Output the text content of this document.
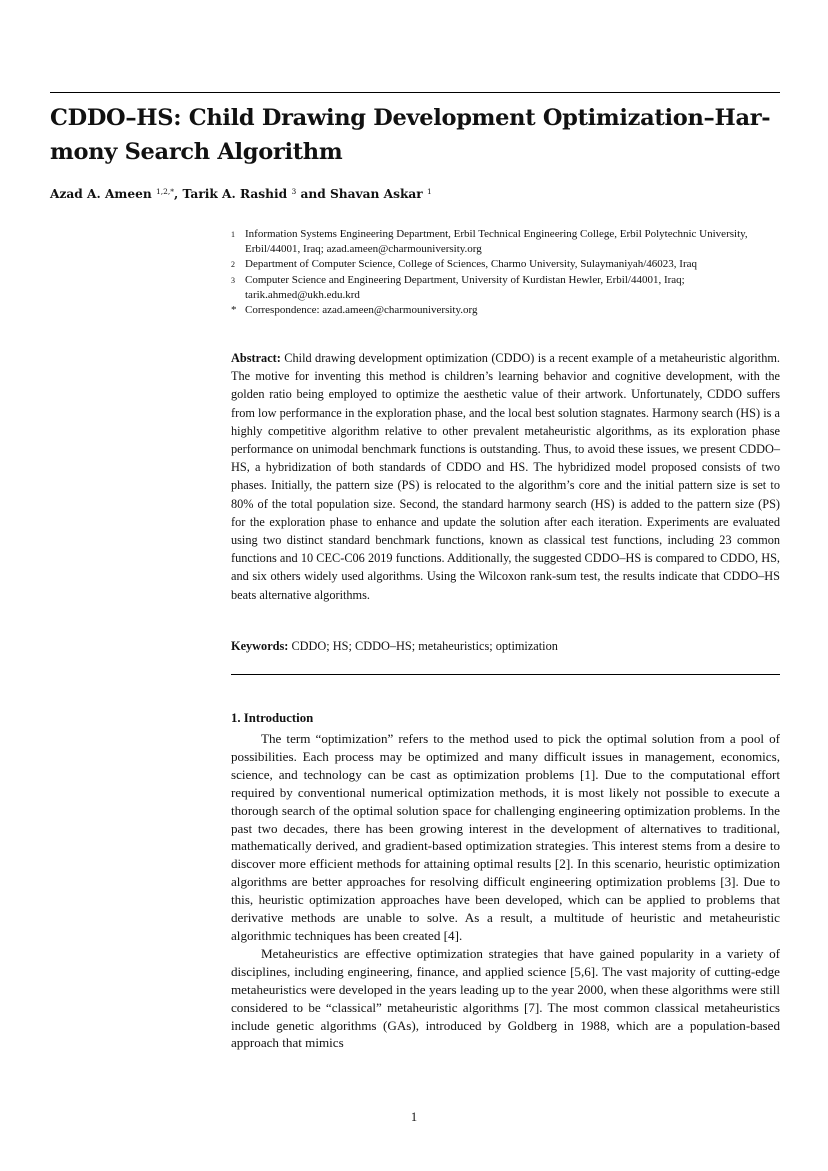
CDDO–HS: Child Drawing Development Optimization–Har- mony Search Algorithm

Azad A. Ameen $^{1,2,*}$, Tarik A. Rashid $^3$ and Shavan Askar $^1$

1 Information Systems Engineering Department, Erbil Technical Engineering College, Erbil Polytechnic University, Erbil/44001, Iraq; azad.ameen@charmouniversity.org
2 Department of Computer Science, College of Sciences, Charmo University, Sulaymaniyah/46023, Iraq
3 Computer Science and Engineering Department, University of Kurdistan Hewler, Erbil/44001, Iraq; tarik.ahmed@ukh.edu.krd
* Correspondence: azad.ameen@charmouniversity.org

Abstract: Child drawing development optimization (CDDO) is a recent example of a metaheuristic algorithm. The motive for inventing this method is children’s learning behavior and cognitive development, with the golden ratio being employed to optimize the aesthetic value of their artwork. Unfortunately, CDDO suffers from low performance in the exploration phase, and the local best solution stagnates. Harmony search (HS) is a highly competitive algorithm relative to other prevalent metaheuristic algorithms, as its exploration phase performance on unimodal benchmark functions is outstanding. Thus, to avoid these issues, we present CDDO–HS, a hybridization of both standards of CDDO and HS. The hybridized model proposed consists of two phases. Initially, the pattern size (PS) is relocated to the algorithm’s core and the initial pattern size is set to 80% of the total population size. Second, the standard harmony search (HS) is added to the pattern size (PS) for the exploration phase to enhance and update the solution after each iteration. Experiments are evaluated using two distinct standard benchmark functions, known as classical test functions, including 23 common functions and 10 CEC-C06 2019 functions. Additionally, the suggested CDDO–HS is compared to CDDO, HS, and six others widely used algorithms. Using the Wilcoxon rank-sum test, the results indicate that CDDO–HS beats alternative algorithms.

Keywords: CDDO; HS; CDDO–HS; metaheuristics; optimization

1. Introduction

The term “optimization” refers to the method used to pick the optimal solution from a pool of possibilities. Each process may be optimized and many difficult issues in management, economics, science, and technology can be cast as optimization problems [1]. Due to the computational effort required by conventional numerical optimization methods, it is most likely not possible to execute a thorough search of the optimal solution space for challenging engineering optimization problems. In the past two decades, there has been growing interest in the development of alternatives to traditional, mathematically derived, and gradient-based optimization strategies. This interest stems from a desire to discover more efficient methods for attaining optimal results [2]. In this scenario, heuristic optimization algorithms are better approaches for resolving difficult engineering optimization problems [3]. Due to this, heuristic optimization approaches have been developed, which can be applied to problems that derivative methods are unable to solve. As a result, a multitude of heuristic and metaheuristic algorithmic techniques has been created [4].

Metaheuristics are effective optimization strategies that have gained popularity in a variety of disciplines, including engineering, finance, and applied science [5,6]. The vast majority of cutting-edge metaheuristics were developed in the years leading up to the year 2000, when these algorithms were still considered to be “classical” metaheuristic algorithms [7]. The most common classical metaheuristics include genetic algorithms (GAs), introduced by Goldberg in 1988, which are a population-based approach that mimics

1
